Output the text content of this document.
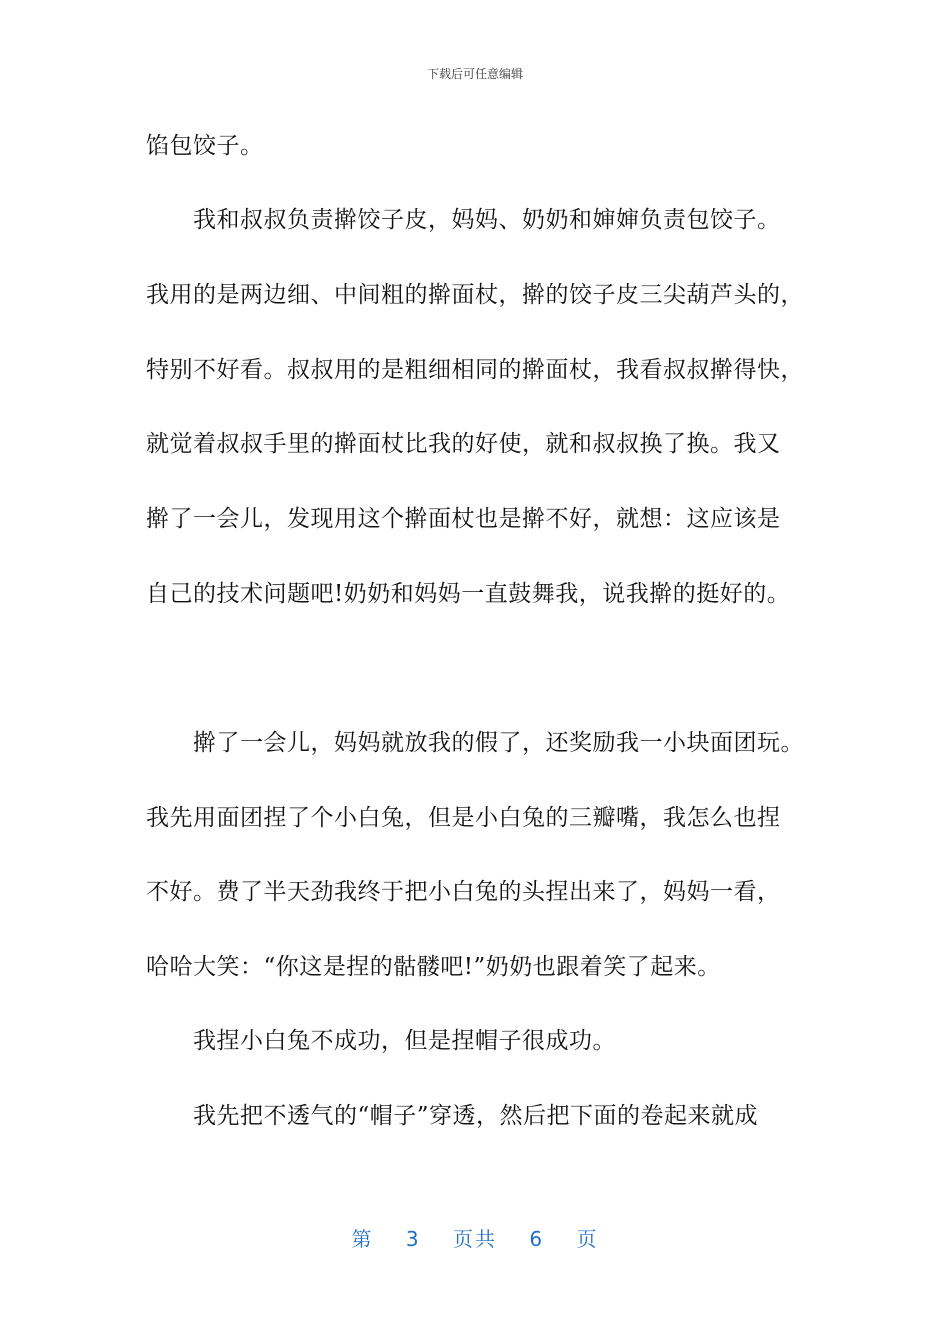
下载后可任意编辑
馅包饺子。
我和叔叔负责擀饺子皮，妈妈、奶奶和婶婶负责包饺子。
我用的是两边细、中间粗的擀面杖，擀的饺子皮三尖葫芦头的，
特别不好看。叔叔用的是粗细相同的擀面杖，我看叔叔擀得快，
就觉着叔叔手里的擀面杖比我的好使，就和叔叔换了换。我又
擀了一会儿，发现用这个擀面杖也是擀不好，就想：这应该是
自己的技术问题吧!奶奶和妈妈一直鼓舞我，说我擀的挺好的。
擀了一会儿，妈妈就放我的假了，还奖励我一小块面团玩。
我先用面团捏了个小白兔，但是小白兔的三瓣嘴，我怎么也捏
不好。费了半天劲我终于把小白兔的头捏出来了，妈妈一看，
哈哈大笑：“你这是捏的骷髅吧!”奶奶也跟着笑了起来。
我捏小白兔不成功，但是捏帽子很成功。
我先把不透气的“帽子”穿透，然后把下面的卷起来就成
第 3 页共 6 页
